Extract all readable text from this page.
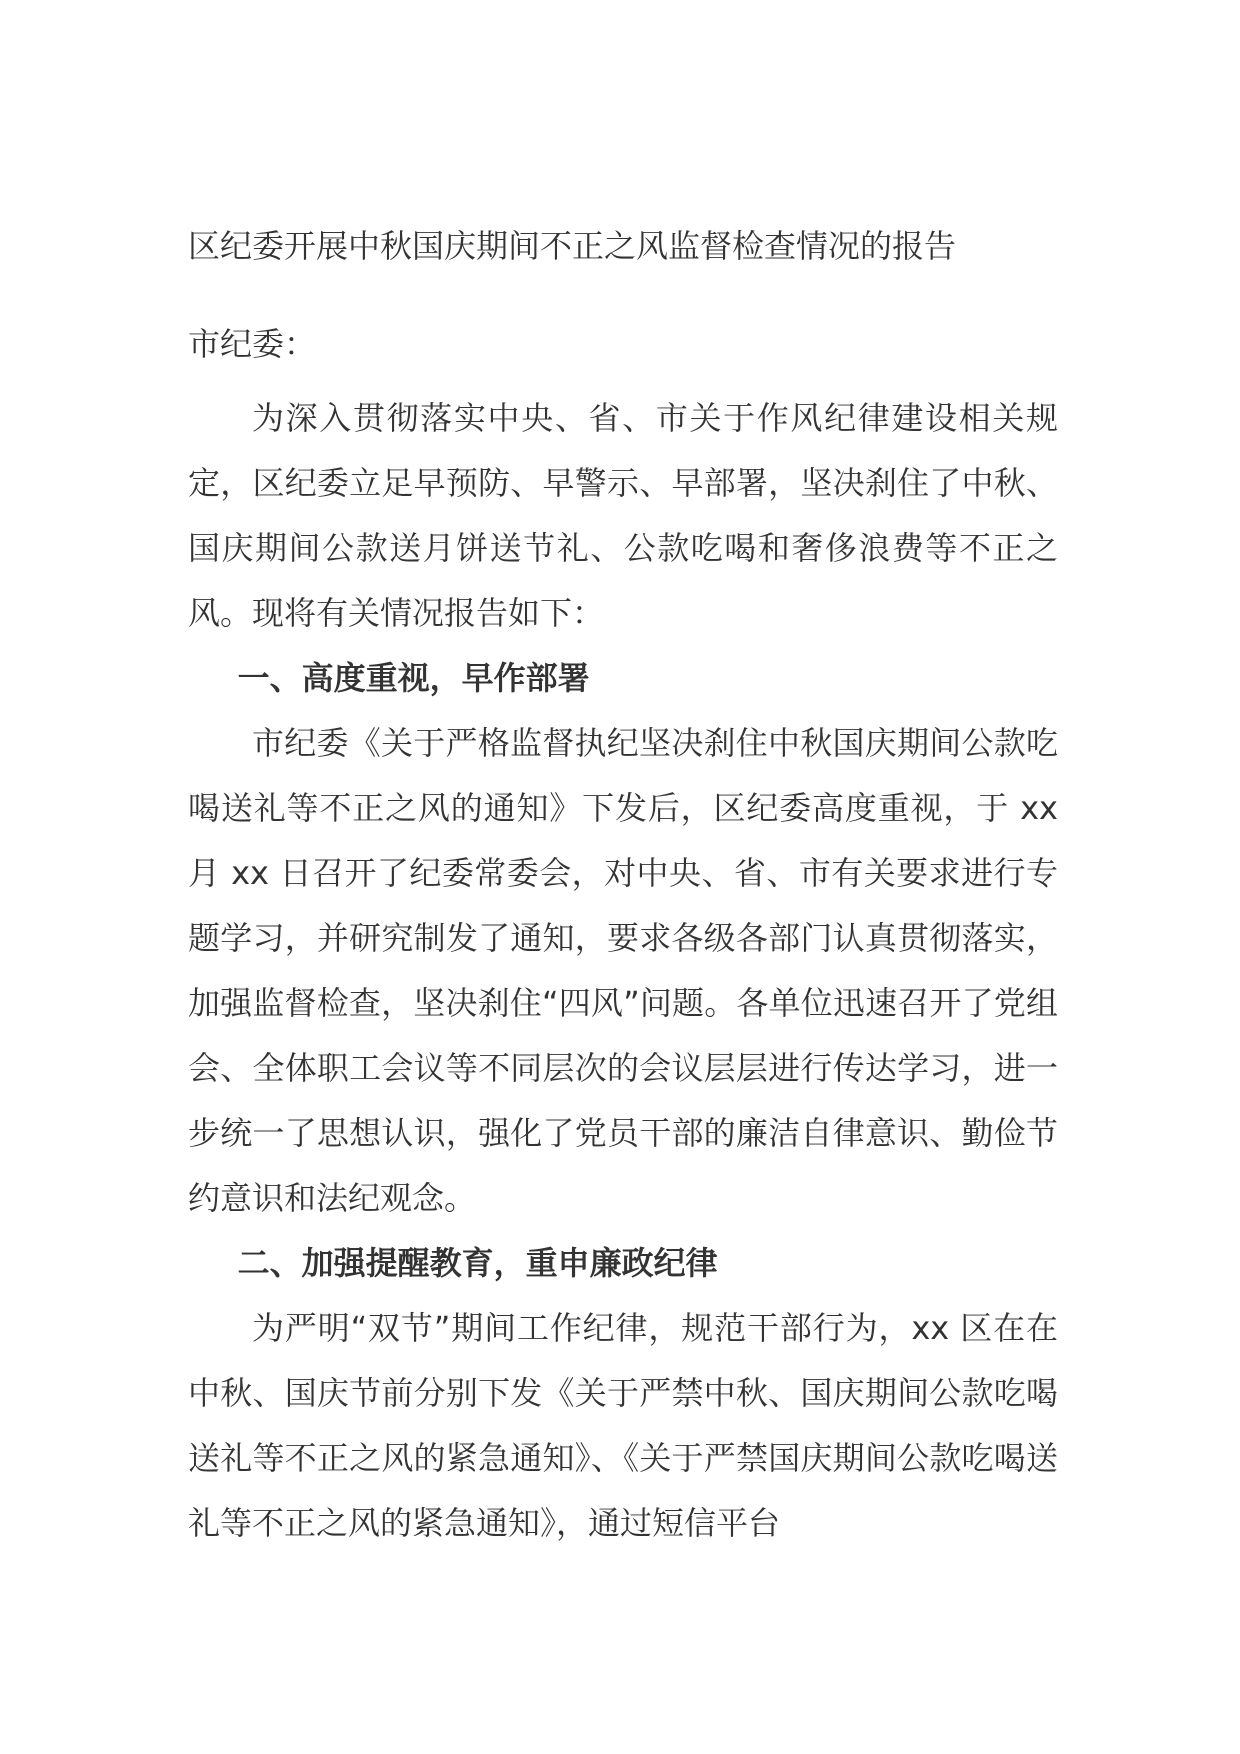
区纪委开展中秋国庆期间不正之风监督检查情况的报告
市纪委：

为深入贯彻落实中央、省、市关于作风纪律建设相关规定，区纪委立足早预防、早警示、早部署，坚决刹住了中秋、国庆期间公款送月饼送节礼、公款吃喝和奢侈浪费等不正之风。现将有关情况报告如下：

一、高度重视，早作部署

市纪委《关于严格监督执纪坚决刹住中秋国庆期间公款吃喝送礼等不正之风的通知》下发后，区纪委高度重视，于 xx 月 xx 日召开了纪委常委会，对中央、省、市有关要求进行专题学习，并研究制发了通知，要求各级各部门认真贯彻落实，加强监督检查，坚决刹住“四风”问题。各单位迅速召开了党组会、全体职工会议等不同层次的会议层层进行传达学习，进一步统一了思想认识，强化了党员干部的廉洁自律意识、勤俭节约意识和法纪观念。

二、加强提醒教育，重申廉政纪律

为严明“双节”期间工作纪律，规范干部行为，xx 区在在中秋、国庆节前分别下发《关于严禁中秋、国庆期间公款吃喝送礼等不正之风的紧急通知》、《关于严禁国庆期间公款吃喝送礼等不正之风的紧急通知》，通过短信平台
